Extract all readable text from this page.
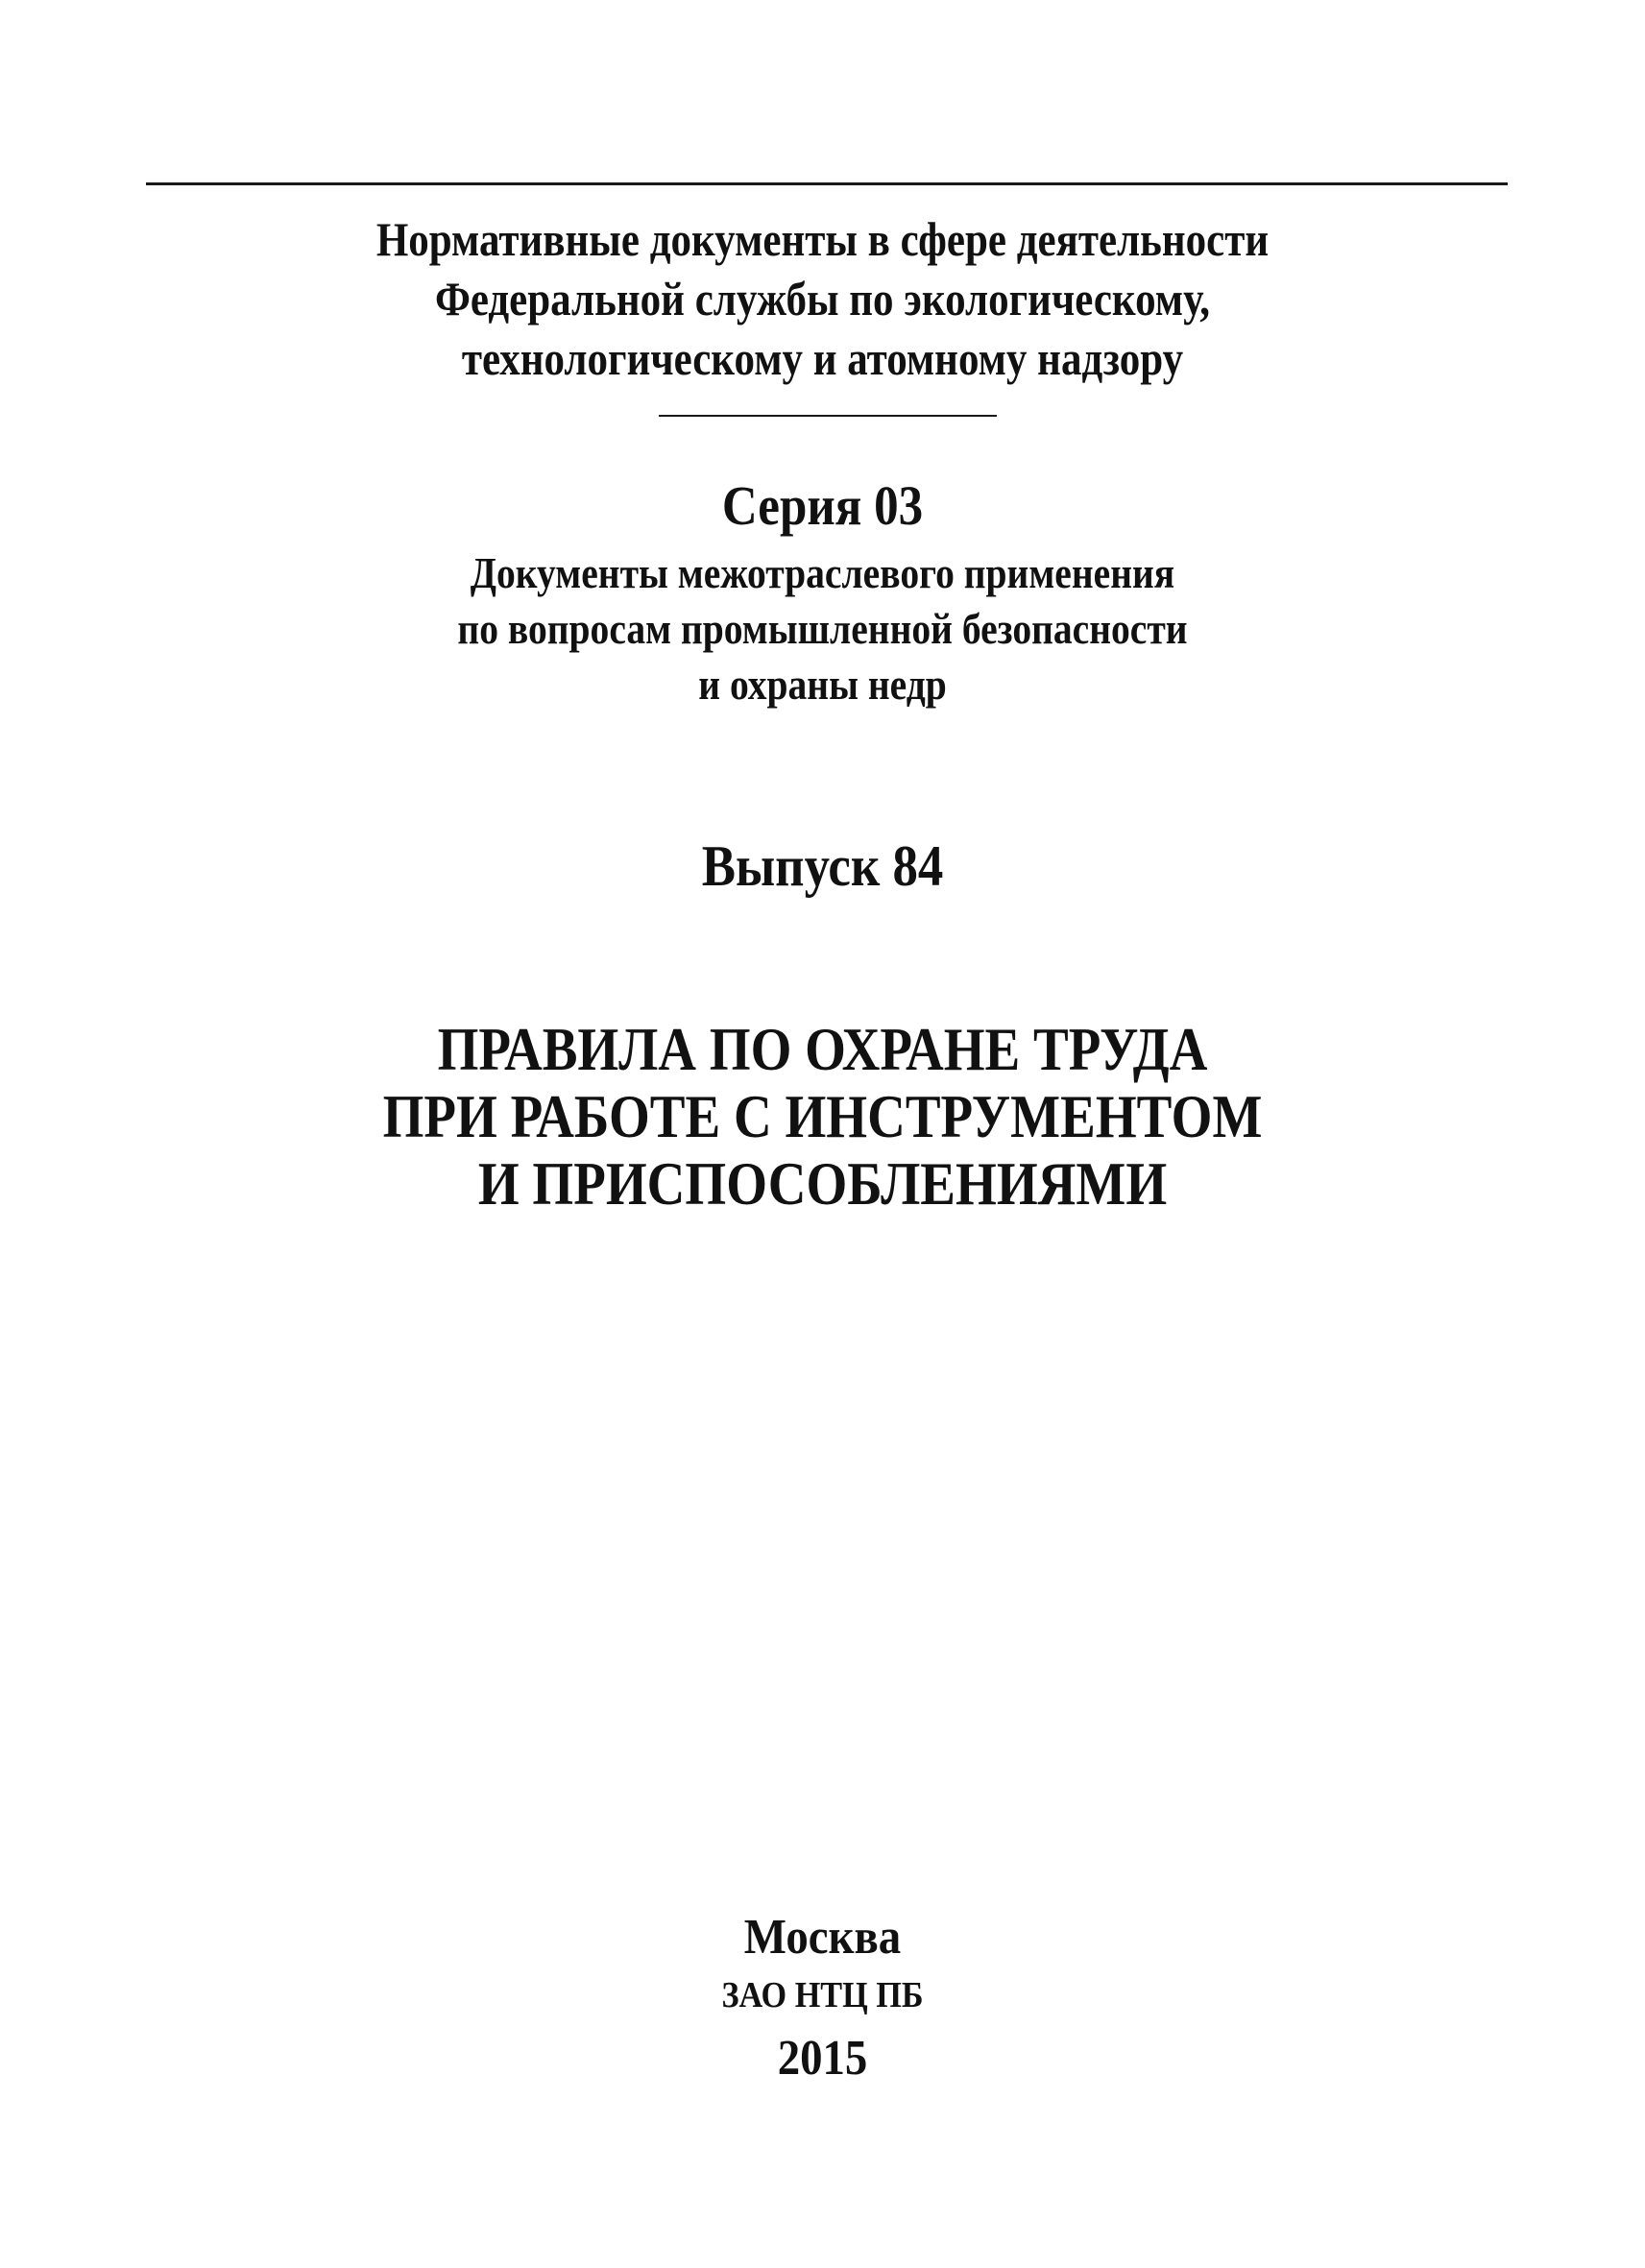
Нормативные документы в сфере деятельности
Федеральной службы по экологическому,
технологическому и атомному надзору
Серия 03
Документы межотраслевого применения
по вопросам промышленной безопасности
и охраны недр
Выпуск 84
ПРАВИЛА ПО ОХРАНЕ ТРУДА
ПРИ РАБОТЕ С ИНСТРУМЕНТОМ
И ПРИСПОСОБЛЕНИЯМИ
Москва
ЗАО НТЦ ПБ
2015
